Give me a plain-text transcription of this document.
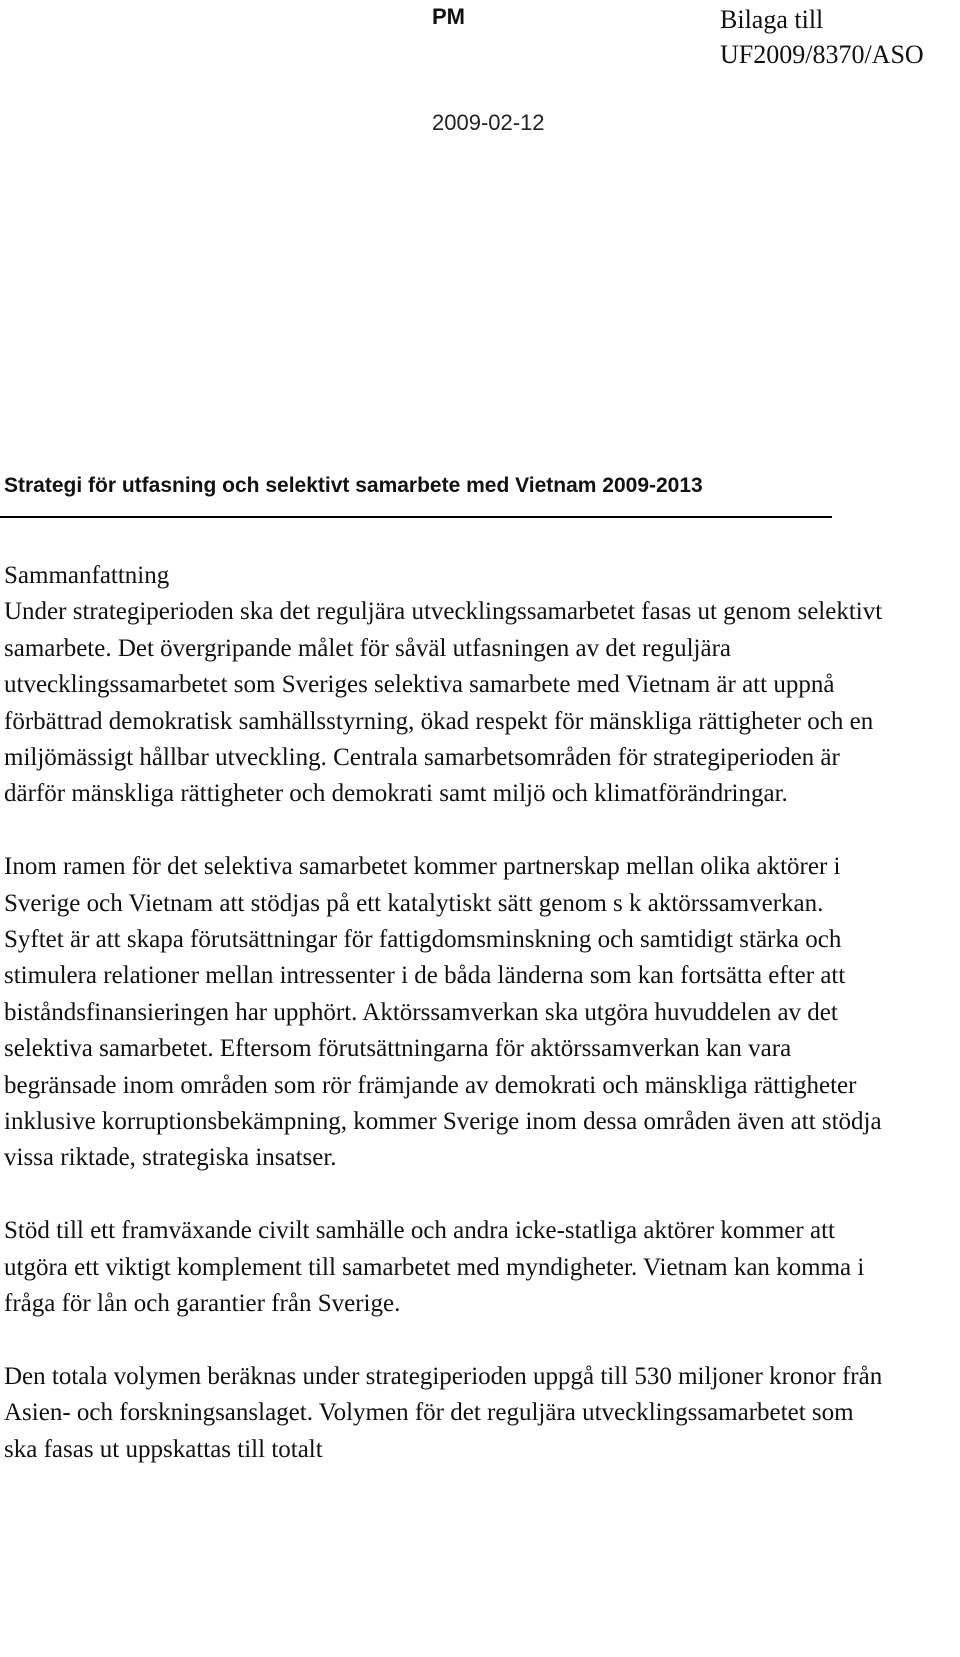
PM	Bilaga till
UF2009/8370/ASO
2009-02-12
Strategi för utfasning och selektivt samarbete med Vietnam 2009-2013
Sammanfattning

Under strategiperioden ska det reguljära utvecklingssamarbetet fasas ut genom selektivt samarbete. Det övergripande målet för såväl utfasningen av det reguljära utvecklingssamarbetet som Sveriges selektiva samarbete med Vietnam är att uppnå förbättrad demokratisk samhällsstyrning, ökad respekt för mänskliga rättigheter och en miljömässigt hållbar utveckling. Centrala samarbetsområden för strategiperioden är därför mänskliga rättigheter och demokrati samt miljö och klimatförändringar.

Inom ramen för det selektiva samarbetet kommer partnerskap mellan olika aktörer i Sverige och Vietnam att stödjas på ett katalytiskt sätt genom s k aktörssamverkan. Syftet är att skapa förutsättningar för fattigdomsminskning och samtidigt stärka och stimulera relationer mellan intressenter i de båda länderna som kan fortsätta efter att biståndsfinansieringen har upphört. Aktörssamverkan ska utgöra huvuddelen av det selektiva samarbetet. Eftersom förutsättningarna för aktörssamverkan kan vara begränsade inom områden som rör främjande av demokrati och mänskliga rättigheter inklusive korruptionsbekämpning, kommer Sverige inom dessa områden även att stödja vissa riktade, strategiska insatser.

Stöd till ett framväxande civilt samhälle och andra icke-statliga aktörer kommer att utgöra ett viktigt komplement till samarbetet med myndigheter. Vietnam kan komma i fråga för lån och garantier från Sverige.

Den totala volymen beräknas under strategiperioden uppgå till 530 miljoner kronor från Asien- och forskningsanslaget. Volymen för det reguljära utvecklingssamarbetet som ska fasas ut uppskattas till totalt
